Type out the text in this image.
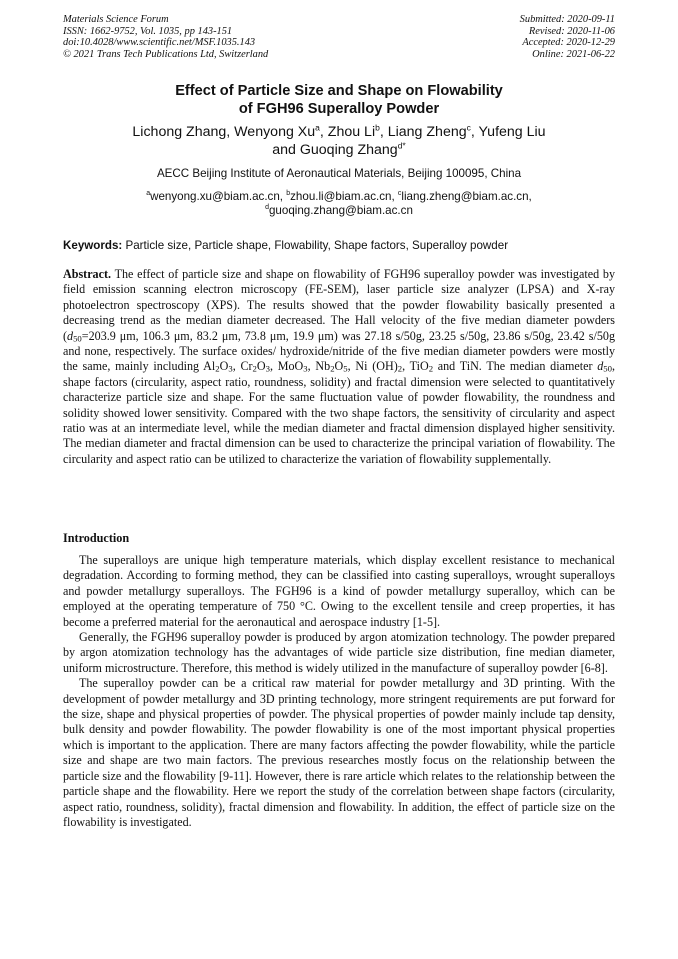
Materials Science Forum
ISSN: 1662-9752, Vol. 1035, pp 143-151
doi:10.4028/www.scientific.net/MSF.1035.143
© 2021 Trans Tech Publications Ltd, Switzerland
Submitted: 2020-09-11
Revised: 2020-11-06
Accepted: 2020-12-29
Online: 2021-06-22
Effect of Particle Size and Shape on Flowability
of FGH96 Superalloy Powder
Lichong Zhang, Wenyong Xu$^a$, Zhou Li$^b$, Liang Zheng$^c$, Yufeng Liu
and Guoqing Zhang$^{d*}$
AECC Beijing Institute of Aeronautical Materials, Beijing 100095, China
$^a$wenyong.xu@biam.ac.cn, $^b$zhou.li@biam.ac.cn, $^c$liang.zheng@biam.ac.cn,
$^d$guoqing.zhang@biam.ac.cn
Keywords: Particle size, Particle shape, Flowability, Shape factors, Superalloy powder
Abstract. The effect of particle size and shape on flowability of FGH96 superalloy powder was investigated by field emission scanning electron microscopy (FE-SEM), laser particle size analyzer (LPSA) and X-ray photoelectron spectroscopy (XPS). The results showed that the powder flowability basically presented a decreasing trend as the median diameter decreased. The Hall velocity of the five median diameter powders ($d_{50}=203.9$ μm, 106.3 μm, 83.2 μm, 73.8 μm, 19.9 μm) was 27.18 s/50g, 23.25 s/50g, 23.86 s/50g, 23.42 s/50g and none, respectively. The surface oxides/ hydroxide/nitride of the five median diameter powders were mostly the same, mainly including $Al_2O_3$, $Cr_2O_3$, MoO$_3$, $Nb_2O_5$, Ni $(OH)_2$, TiO$_2$ and TiN. The median diameter $d_{50}$, shape factors (circularity, aspect ratio, roundness, solidity) and fractal dimension were selected to quantitatively characterize particle size and shape. For the same fluctuation value of powder flowability, the roundness and solidity showed lower sensitivity. Compared with the two shape factors, the sensitivity of circularity and aspect ratio was at an intermediate level, while the median diameter and fractal dimension displayed higher sensitivity. The median diameter and fractal dimension can be used to characterize the principal variation of flowability. The circularity and aspect ratio can be utilized to characterize the variation of flowability supplementally.
Introduction

The superalloys are unique high temperature materials, which display excellent resistance to mechanical degradation. According to forming method, they can be classified into casting superalloys, wrought superalloys and powder metallurgy superalloys. The FGH96 is a kind of powder metallurgy superalloy, which can be employed at the operating temperature of 750 °C. Owing to the excellent tensile and creep properties, it has become a preferred material for the aeronautical and aerospace industry [1-5].

Generally, the FGH96 superalloy powder is produced by argon atomization technology. The powder prepared by argon atomization technology has the advantages of wide particle size distribution, fine median diameter, uniform microstructure. Therefore, this method is widely utilized in the manufacture of superalloy powder [6-8].

The superalloy powder can be a critical raw material for powder metallurgy and 3D printing. With the development of powder metallurgy and 3D printing technology, more stringent requirements are put forward for the size, shape and physical properties of powder. The physical properties of powder mainly include tap density, bulk density and powder flowability. The powder flowability is one of the most important physical properties which is important to the application. There are many factors affecting the powder flowability, while the particle size and shape are two main factors. The previous researches mostly focus on the relationship between the particle size and the flowability [9-11]. However, there is rare article which relates to the relationship between the particle shape and the flowability. Here we report the study of the correlation between shape factors (circularity, aspect ratio, roundness, solidity), fractal dimension and flowability. In addition, the effect of particle size on the flowability is investigated.
